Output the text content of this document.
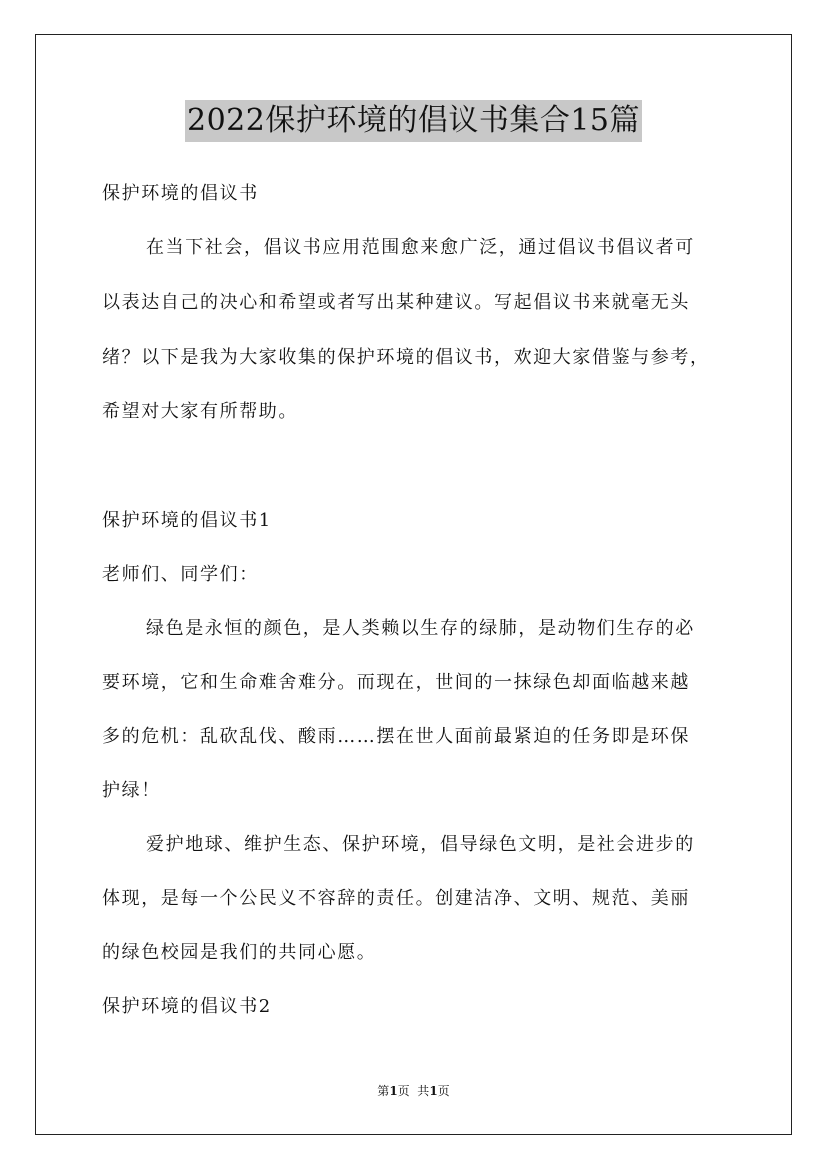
2022保护环境的倡议书集合15篇
保护环境的倡议书
在当下社会，倡议书应用范围愈来愈广泛，通过倡议书倡议者可
以表达自己的决心和希望或者写出某种建议。写起倡议书来就毫无头
绪？以下是我为大家收集的保护环境的倡议书，欢迎大家借鉴与参考，
希望对大家有所帮助。
保护环境的倡议书1
老师们、同学们：
绿色是永恒的颜色，是人类赖以生存的绿肺，是动物们生存的必
要环境，它和生命难舍难分。而现在，世间的一抹绿色却面临越来越
多的危机：乱砍乱伐、酸雨……摆在世人面前最紧迫的任务即是环保
护绿！
爱护地球、维护生态、保护环境，倡导绿色文明，是社会进步的
体现，是每一个公民义不容辞的责任。创建洁净、文明、规范、美丽
的绿色校园是我们的共同心愿。
保护环境的倡议书2
第1页  共1页
